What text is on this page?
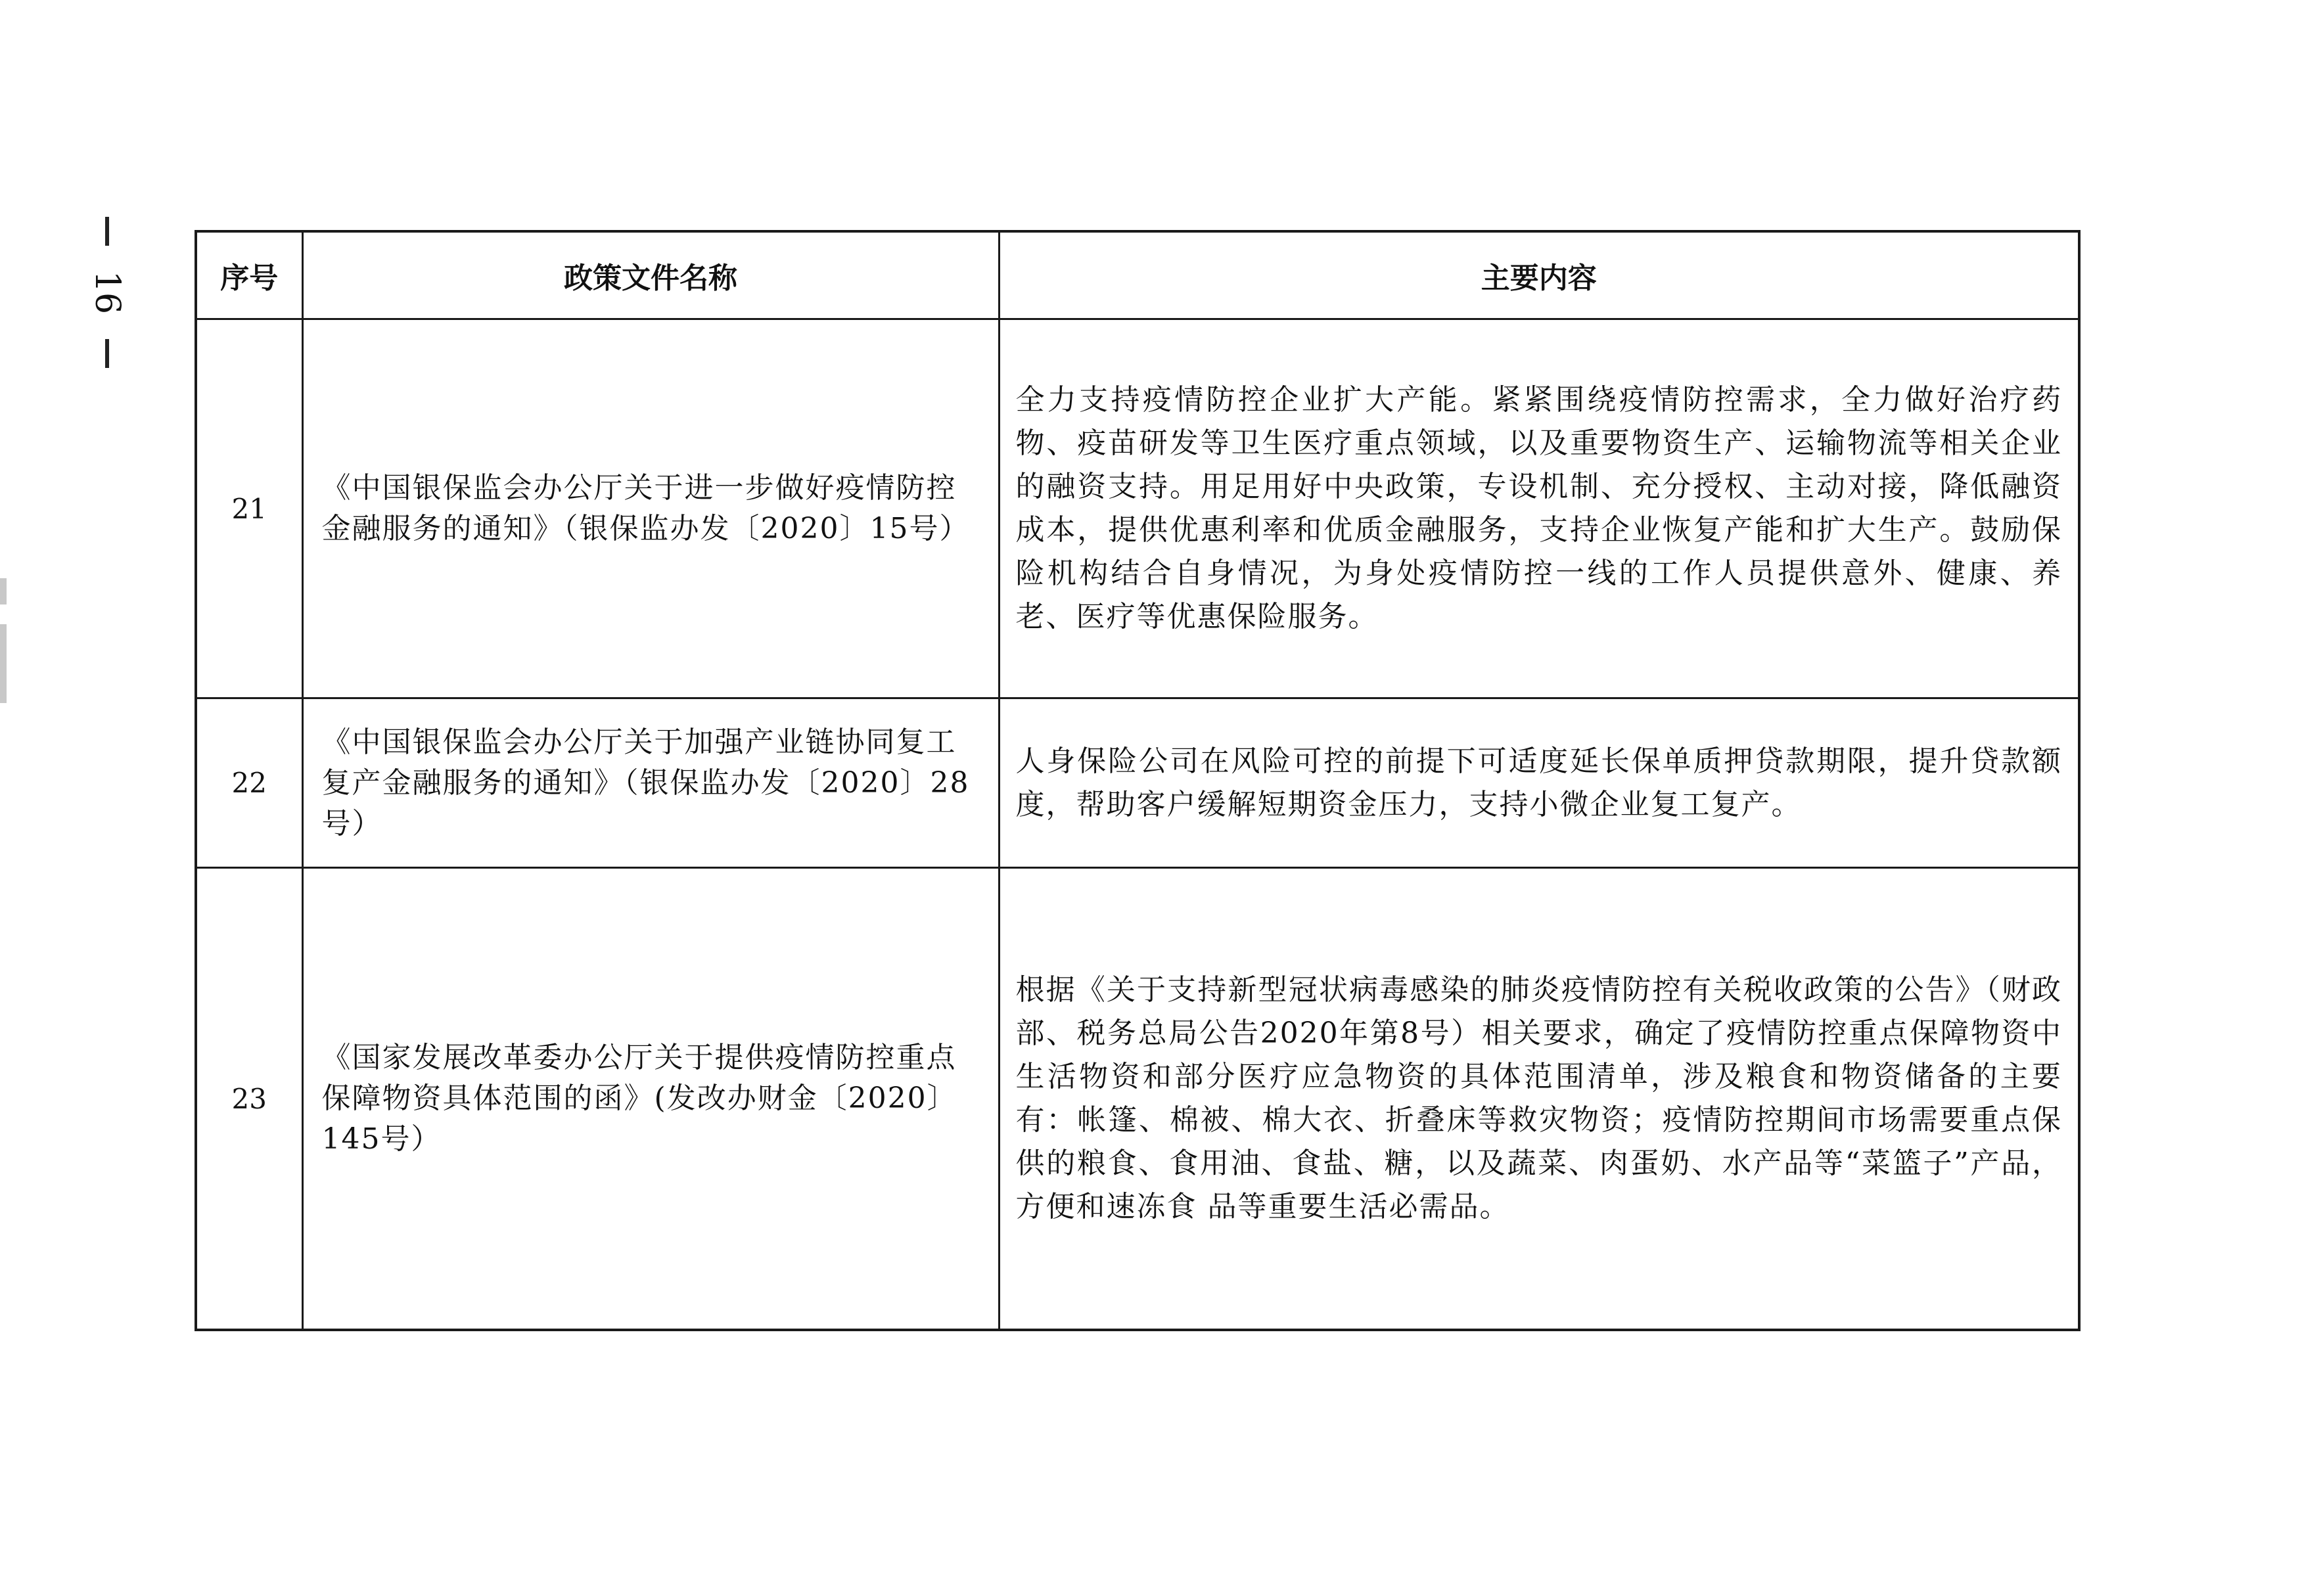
16	序号	政策文件名称	主要内容
21	《中国银保监会办公厅关于进一步做好疫情防控金融服务的通知》（银保监办发〔2020〕15号）	全力支持疫情防控企业扩大产能。紧紧围绕疫情防控需求，全力做好治疗药物、疫苗研发等卫生医疗重点领域，以及重要物资生产、运输物流等相关企业的融资支持。用足用好中央政策，专设机制、充分授权、主动对接，降低融资成本，提供优惠利率和优质金融服务，支持企业恢复产能和扩大生产。鼓励保险机构结合自身情况，为身处疫情防控一线的工作人员提供意外、健康、养老、医疗等优惠保险服务。
22	《中国银保监会办公厅关于加强产业链协同复工复产金融服务的通知》（银保监办发〔2020〕28号）	人身保险公司在风险可控的前提下可适度延长保单质押贷款期限，提升贷款额度，帮助客户缓解短期资金压力，支持小微企业复工复产。
23	《国家发展改革委办公厅关于提供疫情防控重点保障物资具体范围的函》(发改办财金〔2020〕145号）	根据《关于支持新型冠状病毒感染的肺炎疫情防控有关税收政策的公告》（财政部、税务总局公告2020年第8号）相关要求，确定了疫情防控重点保障物资中生活物资和部分医疗应急物资的具体范围清单，涉及粮食和物资储备的主要有：帐篷、棉被、棉大衣、折叠床等救灾物资；疫情防控期间市场需要重点保供的粮食、食用油、食盐、糖，以及蔬菜、肉蛋奶、水产品等“菜篮子”产品，方便和速冻食 品等重要生活必需品。
